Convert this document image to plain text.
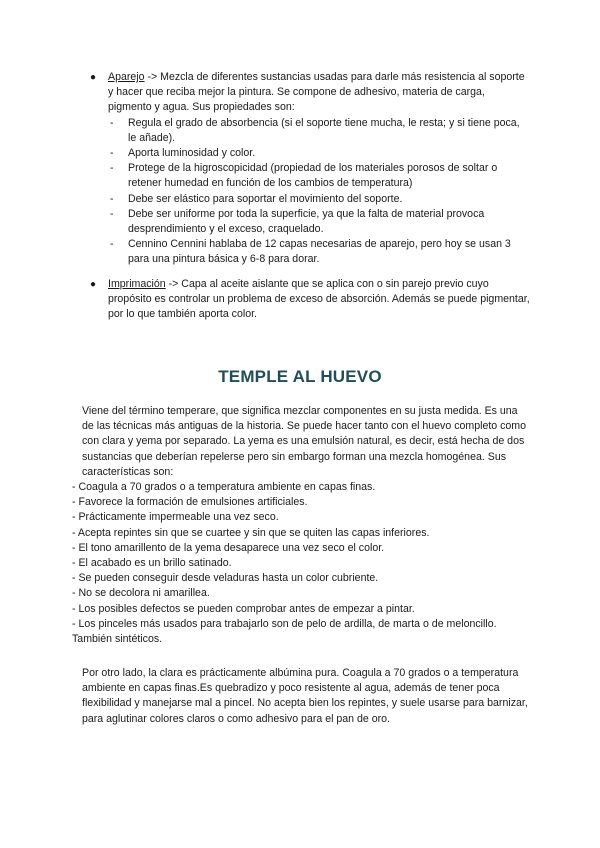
● Aparejo -> Mezcla de diferentes sustancias usadas para darle más resistencia al soporte y hacer que reciba mejor la pintura. Se compone de adhesivo, materia de carga, pigmento y agua. Sus propiedades son:
- Regula el grado de absorbencia (si el soporte tiene mucha, le resta; y si tiene poca, le añade).
- Aporta luminosidad y color.
- Protege de la higroscopicidad (propiedad de los materiales porosos de soltar o retener humedad en función de los cambios de temperatura)
- Debe ser elástico para soportar el movimiento del soporte.
- Debe ser uniforme por toda la superficie, ya que la falta de material provoca desprendimiento y el exceso, craquelado.
- Cennino Cennini hablaba de 12 capas necesarias de aparejo, pero hoy se usan 3 para una pintura básica y 6-8 para dorar.
● Imprimación -> Capa al aceite aislante que se aplica con o sin parejo previo cuyo propósito es controlar un problema de exceso de absorción. Además se puede pigmentar, por lo que también aporta color.
TEMPLE AL HUEVO
Viene del término temperare, que significa mezclar componentes en su justa medida. Es una de las técnicas más antiguas de la historia. Se puede hacer tanto con el huevo completo como con clara y yema por separado. La yema es una emulsión natural, es decir, está hecha de dos sustancias que deberían repelerse pero sin embargo forman una mezcla homogénea. Sus características son:
- Coagula a 70 grados o a temperatura ambiente en capas finas.
- Favorece la formación de emulsiones artificiales.
- Prácticamente impermeable una vez seco.
- Acepta repintes sin que se cuartee y sin que se quiten las capas inferiores.
- El tono amarillento de la yema desaparece una vez seco el color.
- El acabado es un brillo satinado.
- Se pueden conseguir desde veladuras hasta un color cubriente.
- No se decolora ni amarillea.
- Los posibles defectos se pueden comprobar antes de empezar a pintar.
- Los pinceles más usados para trabajarlo son de pelo de ardilla, de marta o de meloncillo. También sintéticos.
Por otro lado, la clara es prácticamente albúmina pura. Coagula a 70 grados o a temperatura ambiente en capas finas.Es quebradizo y poco resistente al agua, además de tener poca flexibilidad y manejarse mal a pincel. No acepta bien los repintes, y suele usarse para barnizar, para aglutinar colores claros o como adhesivo para el pan de oro.
